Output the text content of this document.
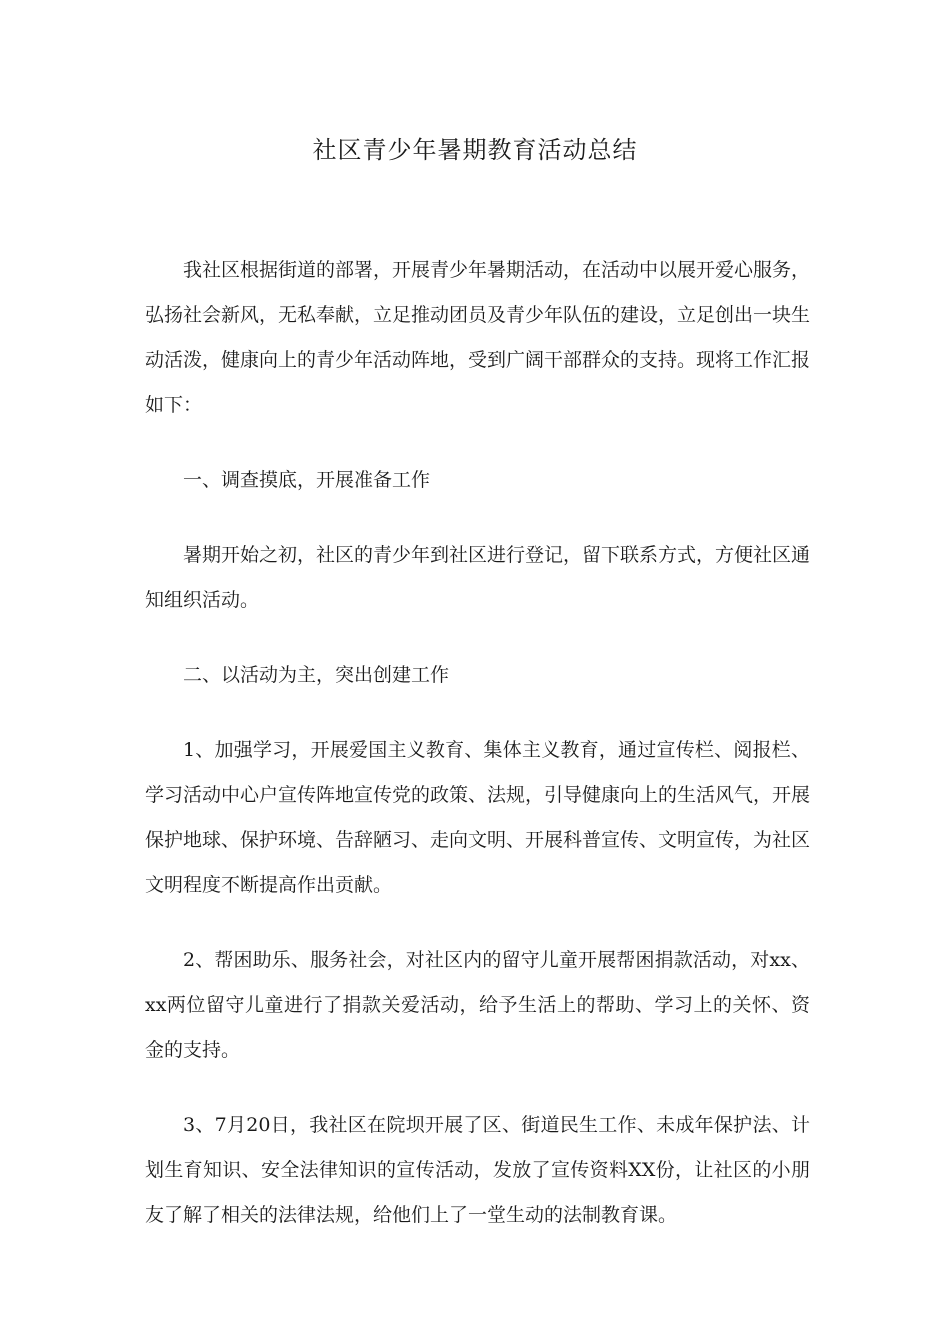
社区青少年暑期教育活动总结

我社区根据街道的部署，开展青少年暑期活动，在活动中以展开爱心服务，弘扬社会新风，无私奉献，立足推动团员及青少年队伍的建设，立足创出一块生动活泼，健康向上的青少年活动阵地，受到广阔干部群众的支持。现将工作汇报如下：

一、调查摸底，开展准备工作

暑期开始之初，社区的青少年到社区进行登记，留下联系方式，方便社区通知组织活动。

二、以活动为主，突出创建工作

1、加强学习，开展爱国主义教育、集体主义教育，通过宣传栏、阅报栏、学习活动中心户宣传阵地宣传党的政策、法规，引导健康向上的生活风气，开展保护地球、保护环境、告辞陋习、走向文明、开展科普宣传、文明宣传，为社区文明程度不断提高作出贡献。

2、帮困助乐、服务社会，对社区内的留守儿童开展帮困捐款活动，对xx、xx两位留守儿童进行了捐款关爱活动，给予生活上的帮助、学习上的关怀、资金的支持。

3、7月20日，我社区在院坝开展了区、街道民生工作、未成年保护法、计划生育知识、安全法律知识的宣传活动，发放了宣传资料XX份，让社区的小朋友了解了相关的法律法规，给他们上了一堂生动的法制教育课。
